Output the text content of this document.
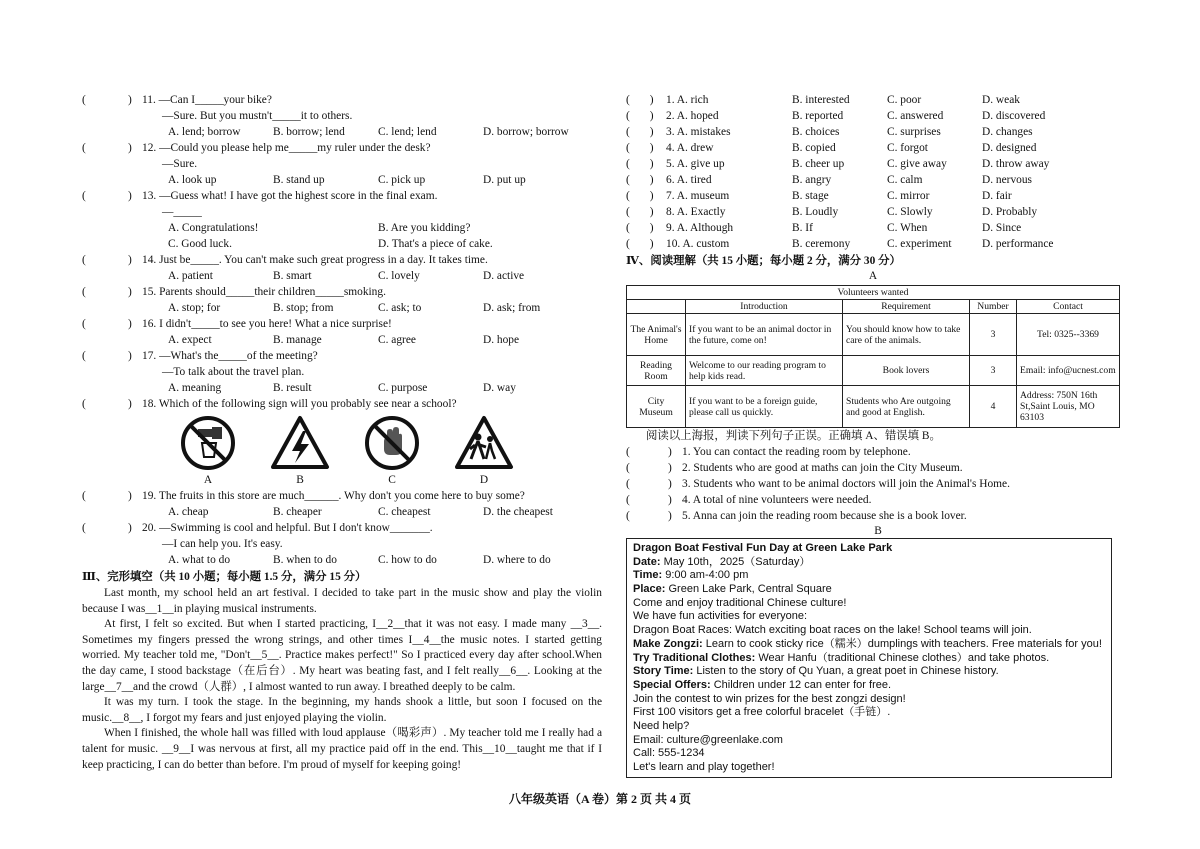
(	) 11. —Can I_____your bike?
—Sure. But you mustn't_____it to others.
A. lend; borrow	B. borrow; lend	C. lend; lend	D. borrow; borrow
(	) 12. —Could you please help me_____my ruler under the desk?
—Sure.
A. look up	B. stand up	C. pick up	D. put up
(	) 13. —Guess what! I have got the highest score in the final exam.
—_____
A. Congratulations!	B. Are you kidding?
C. Good luck.	D. That's a piece of cake.
(	) 14. Just be_____. You can't make such great progress in a day. It takes time.
A. patient	B. smart	C. lovely	D. active
(	) 15. Parents should_____their children_____smoking.
A. stop; for	B. stop; from	C. ask; to	D. ask; from
(	) 16. I didn't_____to see you here! What a nice surprise!
A. expect	B. manage	C. agree	D. hope
(	) 17. —What's the_____of the meeting?
—To talk about the travel plan.
A. meaning	B. result	C. purpose	D. way
(	) 18. Which of the following sign will you probably see near a school?
A	B	C	D
(	) 19. The fruits in this store are much______. Why don't you come here to buy some?
A. cheap	B. cheaper	C. cheapest	D. the cheapest
(	) 20. —Swimming is cool and helpful. But I don't know_______.
—I can help you. It's easy.
A. what to do	B. when to do	C. how to do	D. where to do
Ⅲ、完形填空（共 10 小题；每小题 1.5 分，满分 15 分）

Last month, my school held an art festival. I decided to take part in the music show and play the violin because I was__1__in playing musical instruments.

At first, I felt so excited. But when I started practicing, I__2__that it was not easy. I made many __3__. Sometimes my fingers pressed the wrong strings, and other times I__4__the music notes. I started getting worried. My teacher told me, "Don't__5__. Practice makes perfect!" So I practiced every day after school.When the day came, I stood backstage（在后台）. My heart was beating fast, and I felt really__6__. Looking at the large__7__and the crowd（人群）, I almost wanted to run away. I breathed deeply to be calm.

It was my turn. I took the stage. In the beginning, my hands shook a little, but soon I focused on the music.__8__, I forgot my fears and just enjoyed playing the violin.

When I finished, the whole hall was filled with loud applause（喝彩声）. My teacher told me I really had a talent for music. __9__I was nervous at first, all my practice paid off in the end. This__10__taught me that if I keep practicing, I can do better than before. I'm proud of myself for keeping going!

( )	1. A. rich	B. interested	C. poor	D. weak
( )	2. A. hoped	B. reported	C. answered	D. discovered
( )	3. A. mistakes	B. choices	C. surprises	D. changes
( )	4. A. drew	B. copied	C. forgot	D. designed
( )	5. A. give up	B. cheer up	C. give away	D. throw away
( )	6. A. tired	B. angry	C. calm	D. nervous
( )	7. A. museum	B. stage	C. mirror	D. fair
( )	8. A. Exactly	B. Loudly	C. Slowly	D. Probably
( )	9. A. Although	B. If	C. When	D. Since
( )	10. A. custom	B. ceremony	C. experiment	D. performance
Ⅳ、阅读理解（共 15 小题；每小题 2 分，满分 30 分）
A
Volunteers wanted				
	Introduction	Requirement	Number	Contact
The Animal's Home	If you want to be an animal doctor in the future, come on!	You should know how to take care of the animals.	3	Tel: 0325--3369
Reading Room	Welcome to our reading program to help kids read.	Book lovers	3	Email: info@ucnest.com
City Museum	If you want to be a foreign guide, please call us quickly.	Students who Are outgoing and good at English.	4	Address: 750N 16th St,Saint Louis, MO 63103
阅读以上海报，判读下列句子正误。正确填 A、错误填 B。
(	) 1. You can contact the reading room by telephone.
(	) 2. Students who are good at maths can join the City Museum.
(	) 3. Students who want to be animal doctors will join the Animal's Home.
(	) 4. A total of nine volunteers were needed.
(	) 5. Anna can join the reading room because she is a book lover.
B
Dragon Boat Festival Fun Day at Green Lake Park
Date: May 10th，2025（Saturday）
Time: 9:00 am-4:00 pm
Place: Green Lake Park, Central Square
Come and enjoy traditional Chinese culture!
We have fun activities for everyone:
Dragon Boat Races: Watch exciting boat races on the lake! School teams will join.
Make Zongzi: Learn to cook sticky rice（糯米）dumplings with teachers. Free materials for you!
Try Traditional Clothes: Wear Hanfu（traditional Chinese clothes）and take photos.
Story Time: Listen to the story of Qu Yuan, a great poet in Chinese history.
Special Offers: Children under 12 can enter for free.
Join the contest to win prizes for the best zongzi design!
First 100 visitors get a free colorful bracelet（手链）.
Need help?
Email: culture@greenlake.com
Call: 555-1234
Let's learn and play together!
八年级英语（A 卷）第 2 页 共 4 页
